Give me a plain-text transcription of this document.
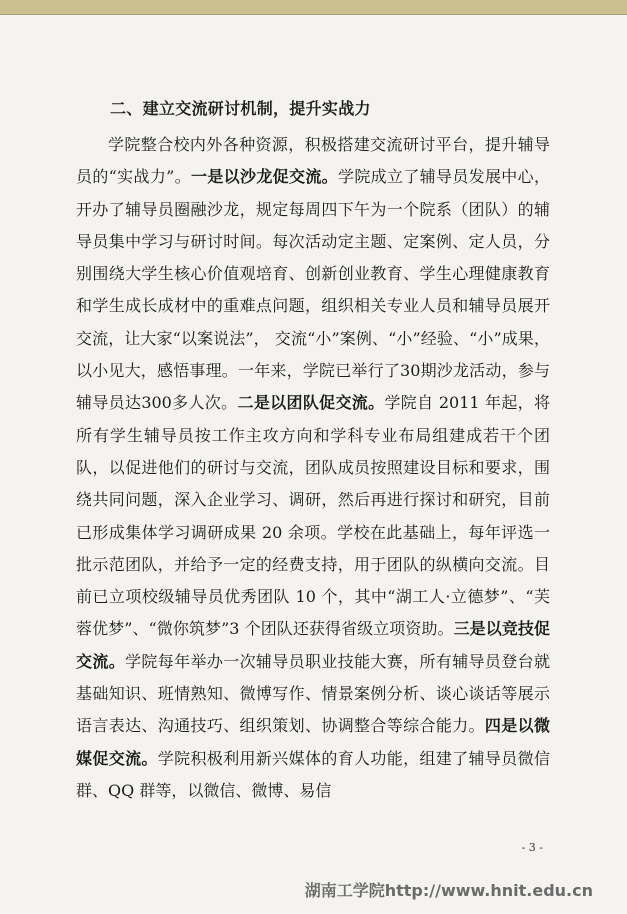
二、建立交流研讨机制，提升实战力

学院整合校内外各种资源，积极搭建交流研讨平台，提升辅导员的“实战力”。一是以沙龙促交流。学院成立了辅导员发展中心，开办了辅导员圈融沙龙，规定每周四下午为一个院系（团队）的辅导员集中学习与研讨时间。每次活动定主题、定案例、定人员，分别围绕大学生核心价值观培育、创新创业教育、学生心理健康教育和学生成长成材中的重难点问题，组织相关专业人员和辅导员展开交流，让大家“以案说法”， 交流“小”案例、“小”经验、“小”成果，以小见大，感悟事理。一年来，学院已举行了30期沙龙活动，参与辅导员达300多人次。二是以团队促交流。学院自 2011 年起，将所有学生辅导员按工作主攻方向和学科专业布局组建成若干个团队，以促进他们的研讨与交流，团队成员按照建设目标和要求，围绕共同问题，深入企业学习、调研，然后再进行探讨和研究，目前已形成集体学习调研成果 20 余项。学校在此基础上，每年评选一批示范团队，并给予一定的经费支持，用于团队的纵横向交流。目前已立项校级辅导员优秀团队 10 个，其中“湖工人·立德梦”、“芙蓉优梦”、“微你筑梦”3 个团队还获得省级立项资助。三是以竞技促交流。学院每年举办一次辅导员职业技能大赛，所有辅导员登台就基础知识、班情熟知、微博写作、情景案例分析、谈心谈话等展示语言表达、沟通技巧、组织策划、协调整合等综合能力。四是以微媒促交流。学院积极利用新兴媒体的育人功能，组建了辅导员微信群、QQ 群等，以微信、微博、易信

- 3 -
湖南工学院http://www.hnit.edu.cn
